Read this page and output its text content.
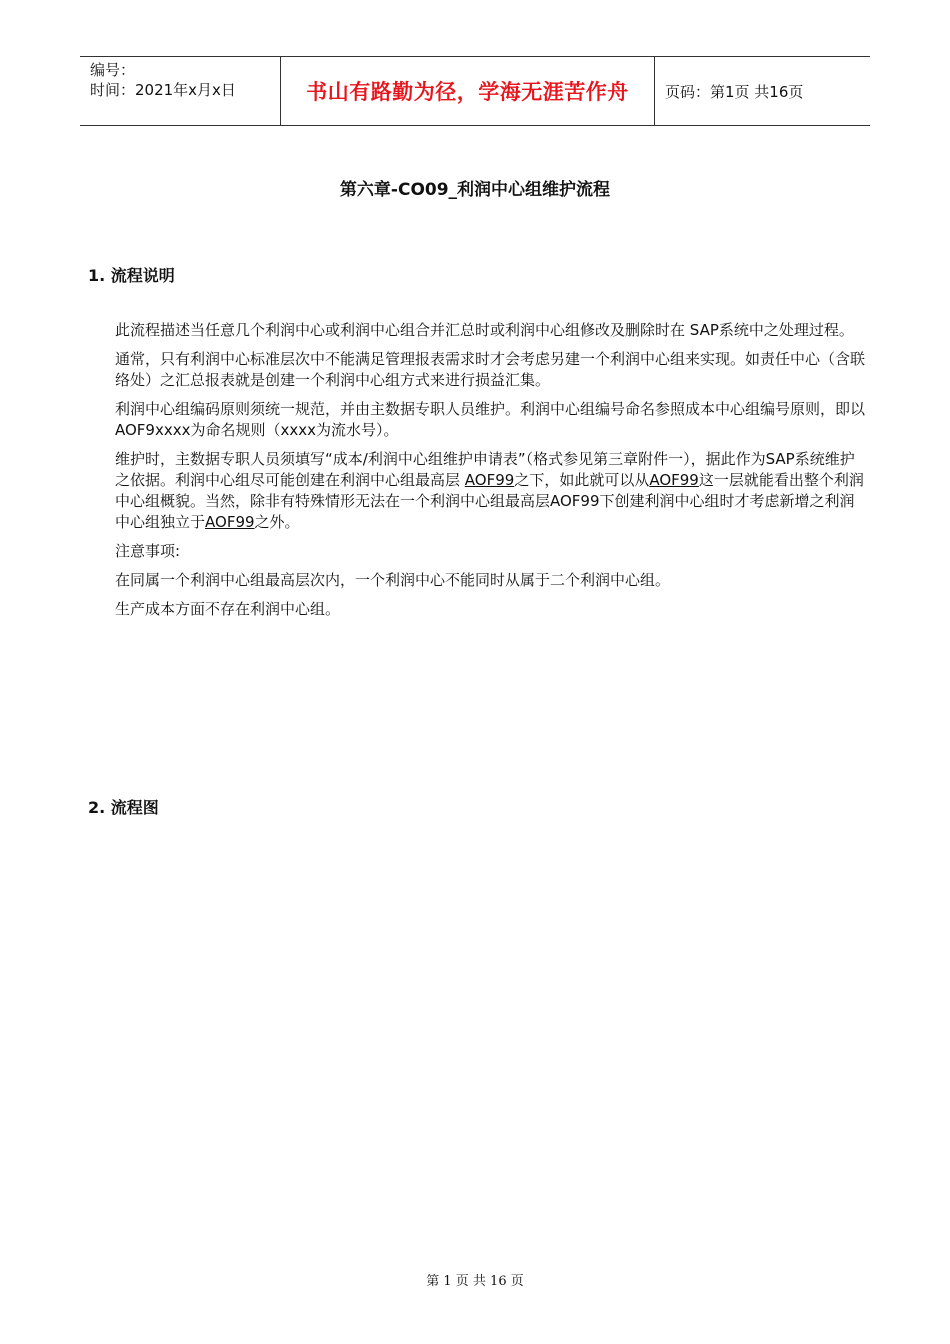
编号：
时间：2021年x月x日	书山有路勤为径，学海无涯苦作舟	页码：第1页 共16页
第六章-CO09_利润中心组维护流程
1. 流程说明

此流程描述当任意几个利润中心或利润中心组合并汇总时或利润中心组修改及删除时在 SAP系统中之处理过程。

通常，只有利润中心标准层次中不能满足管理报表需求时才会考虑另建一个利润中心组来实现。如责任中心（含联络处）之汇总报表就是创建一个利润中心组方式来进行损益汇集。

利润中心组编码原则须统一规范，并由主数据专职人员维护。利润中心组编号命名参照成本中心组编号原则，即以AOF9xxxx为命名规则（xxxx为流水号）。

维护时，主数据专职人员须填写“成本/利润中心组维护申请表”（格式参见第三章附件一），据此作为SAP系统维护之依据。利润中心组尽可能创建在利润中心组最高层 AOF99之下，如此就可以从AOF99这一层就能看出整个利润中心组概貌。当然，除非有特殊情形无法在一个利润中心组最高层AOF99下创建利润中心组时才考虑新增之利润中心组独立于AOF99之外。

注意事项:

在同属一个利润中心组最高层次内，一个利润中心不能同时从属于二个利润中心组。

生产成本方面不存在利润中心组。

2. 流程图
第 1 页 共 16 页
